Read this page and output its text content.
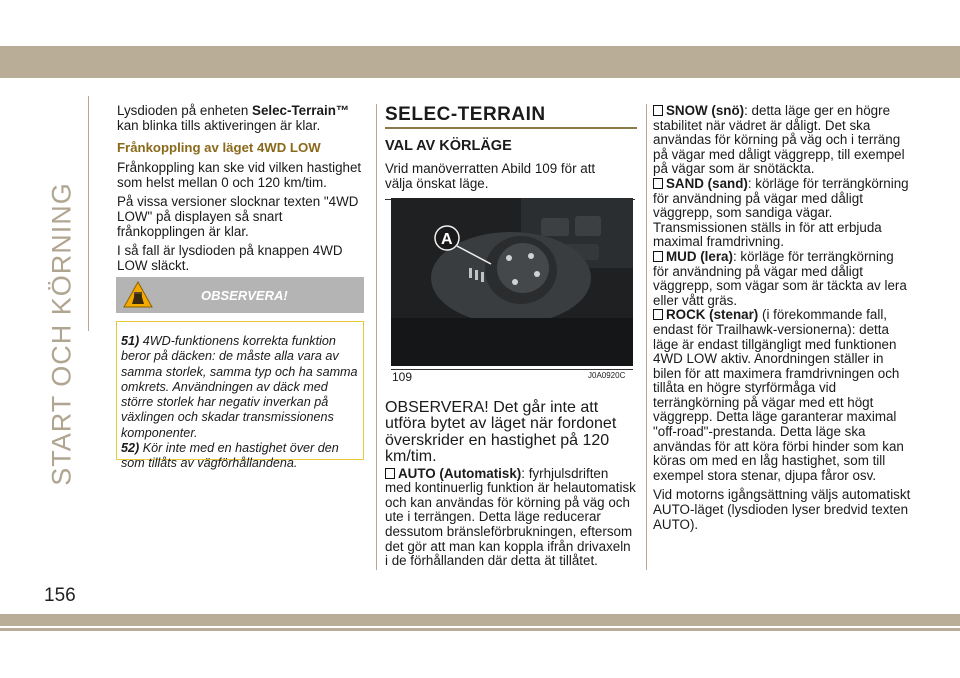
START OCH KÖRNING

Lysdioden på enheten Selec-Terrain™ kan blinka tills aktiveringen är klar.

Frånkoppling av läget 4WD LOW

Frånkoppling kan ske vid vilken hastighet som helst mellan 0 och 120 km/tim.

På vissa versioner slocknar texten "4WD LOW" på displayen så snart frånkopplingen är klar.

I så fall är lysdioden på knappen 4WD LOW släckt.

OBSERVERA!
51) 4WD-funktionens korrekta funktion beror på däcken: de måste alla vara av samma storlek, samma typ och ha samma omkrets. Användningen av däck med större storlek har negativ inverkan på växlingen och skadar transmissionens komponenter.
52) Kör inte med en hastighet över den som tillåts av vägförhållandena.

SELEC-TERRAIN

VAL AV KÖRLÄGE

Vrid manöverratten Abild 109 för att välja önskat läge.

A
109	J0A0920C

OBSERVERA! Det går inte att utföra bytet av läget när fordonet överskrider en hastighet på 120 km/tim.

AUTO (Automatisk): fyrhjulsdriften med kontinuerlig funktion är helautomatisk och kan användas för körning på väg och ute i terrängen. Detta läge reducerar dessutom bränsleförbrukningen, eftersom det gör att man kan koppla ifrån drivaxeln i de förhållanden där detta ät tillåtet.

SNOW (snö): detta läge ger en högre stabilitet när vädret är dåligt. Det ska användas för körning på väg och i terräng på vägar med dåligt väggrepp, till exempel på vägar som är snötäckta.

SAND (sand): körläge för terrängkörning för användning på vägar med dåligt väggrepp, som sandiga vägar. Transmissionen ställs in för att erbjuda maximal framdrivning.

MUD (lera): körläge för terrängkörning för användning på vägar med dåligt väggrepp, som vägar som är täckta av lera eller vått gräs.

ROCK (stenar) (i förekommande fall, endast för Trailhawk-versionerna): detta läge är endast tillgängligt med funktionen 4WD LOW aktiv. Anordningen ställer in bilen för att maximera framdrivningen och tillåta en högre styrförmåga vid terrängkörning på vägar med ett högt väggrepp. Detta läge garanterar maximal "off-road"-prestanda. Detta läge ska användas för att köra förbi hinder som kan köras om med en låg hastighet, som till exempel stora stenar, djupa fåror osv.

Vid motorns igångsättning väljs automatiskt AUTO-läget (lysdioden lyser bredvid texten AUTO).

156
